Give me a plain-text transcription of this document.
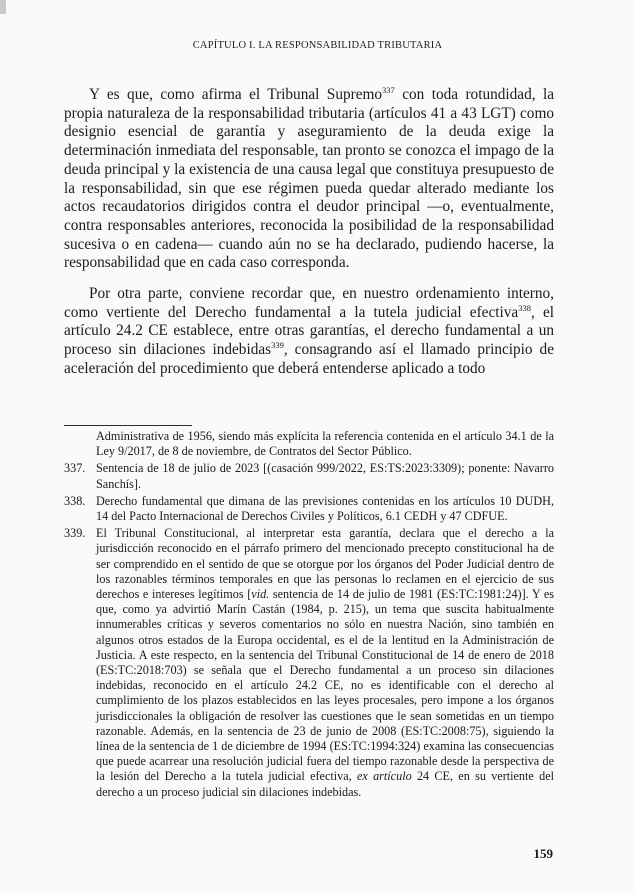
CAPÍTULO I. LA RESPONSABILIDAD TRIBUTARIA

Y es que, como afirma el Tribunal Supremo$^{337}$ con toda rotundidad, la propia naturaleza de la responsabilidad tributaria (artículos 41 a 43 LGT) como designio esencial de garantía y aseguramiento de la deuda exige la determinación inmediata del responsable, tan pronto se conozca el impago de la deuda principal y la existencia de una causa legal que constituya presupuesto de la responsabilidad, sin que ese régimen pueda quedar alterado mediante los actos recaudatorios dirigidos contra el deudor principal —o, eventualmente, contra responsables anteriores, reconocida la posibilidad de la responsabilidad sucesiva o en cadena— cuando aún no se ha declarado, pudiendo hacerse, la responsabilidad que en cada caso corresponda.

Por otra parte, conviene recordar que, en nuestro ordenamiento interno, como vertiente del Derecho fundamental a la tutela judicial efectiva$^{338}$, el artículo 24.2 CE establece, entre otras garantías, el derecho fundamental a un proceso sin dilaciones indebidas$^{339}$, consagrando así el llamado principio de aceleración del procedimiento que deberá entenderse aplicado a todo

Administrativa de 1956, siendo más explícita la referencia contenida en el artículo 34.1 de la Ley 9/2017, de 8 de noviembre, de Contratos del Sector Público.

337. Sentencia de 18 de julio de 2023 [(casación 999/2022, ES:TS:2023:3309); ponente: Navarro Sanchís].

338. Derecho fundamental que dimana de las previsiones contenidas en los artículos 10 DUDH, 14 del Pacto Internacional de Derechos Civiles y Políticos, 6.1 CEDH y 47 CDFUE.

339. El Tribunal Constitucional, al interpretar esta garantía, declara que el derecho a la jurisdicción reconocido en el párrafo primero del mencionado precepto constitucional ha de ser comprendido en el sentido de que se otorgue por los órganos del Poder Judicial dentro de los razonables términos temporales en que las personas lo reclamen en el ejercicio de sus derechos e intereses legítimos [vid. sentencia de 14 de julio de 1981 (ES:TC:1981:24)]. Y es que, como ya advirtió Marín Castán (1984, p. 215), un tema que suscita habitualmente innumerables críticas y severos comentarios no sólo en nuestra Nación, sino también en algunos otros estados de la Europa occidental, es el de la lentitud en la Administración de Justicia. A este respecto, en la sentencia del Tribunal Constitucional de 14 de enero de 2018 (ES:TC:2018:703) se señala que el Derecho fundamental a un proceso sin dilaciones indebidas, reconocido en el artículo 24.2 CE, no es identificable con el derecho al cumplimiento de los plazos establecidos en las leyes procesales, pero impone a los órganos jurisdiccionales la obligación de resolver las cuestiones que le sean sometidas en un tiempo razonable. Además, en la sentencia de 23 de junio de 2008 (ES:TC:2008:75), siguiendo la línea de la sentencia de 1 de diciembre de 1994 (ES:TC:1994:324) examina las consecuencias que puede acarrear una resolución judicial fuera del tiempo razonable desde la perspectiva de la lesión del Derecho a la tutela judicial efectiva, ex artículo 24 CE, en su vertiente del derecho a un proceso judicial sin dilaciones indebidas.

159
